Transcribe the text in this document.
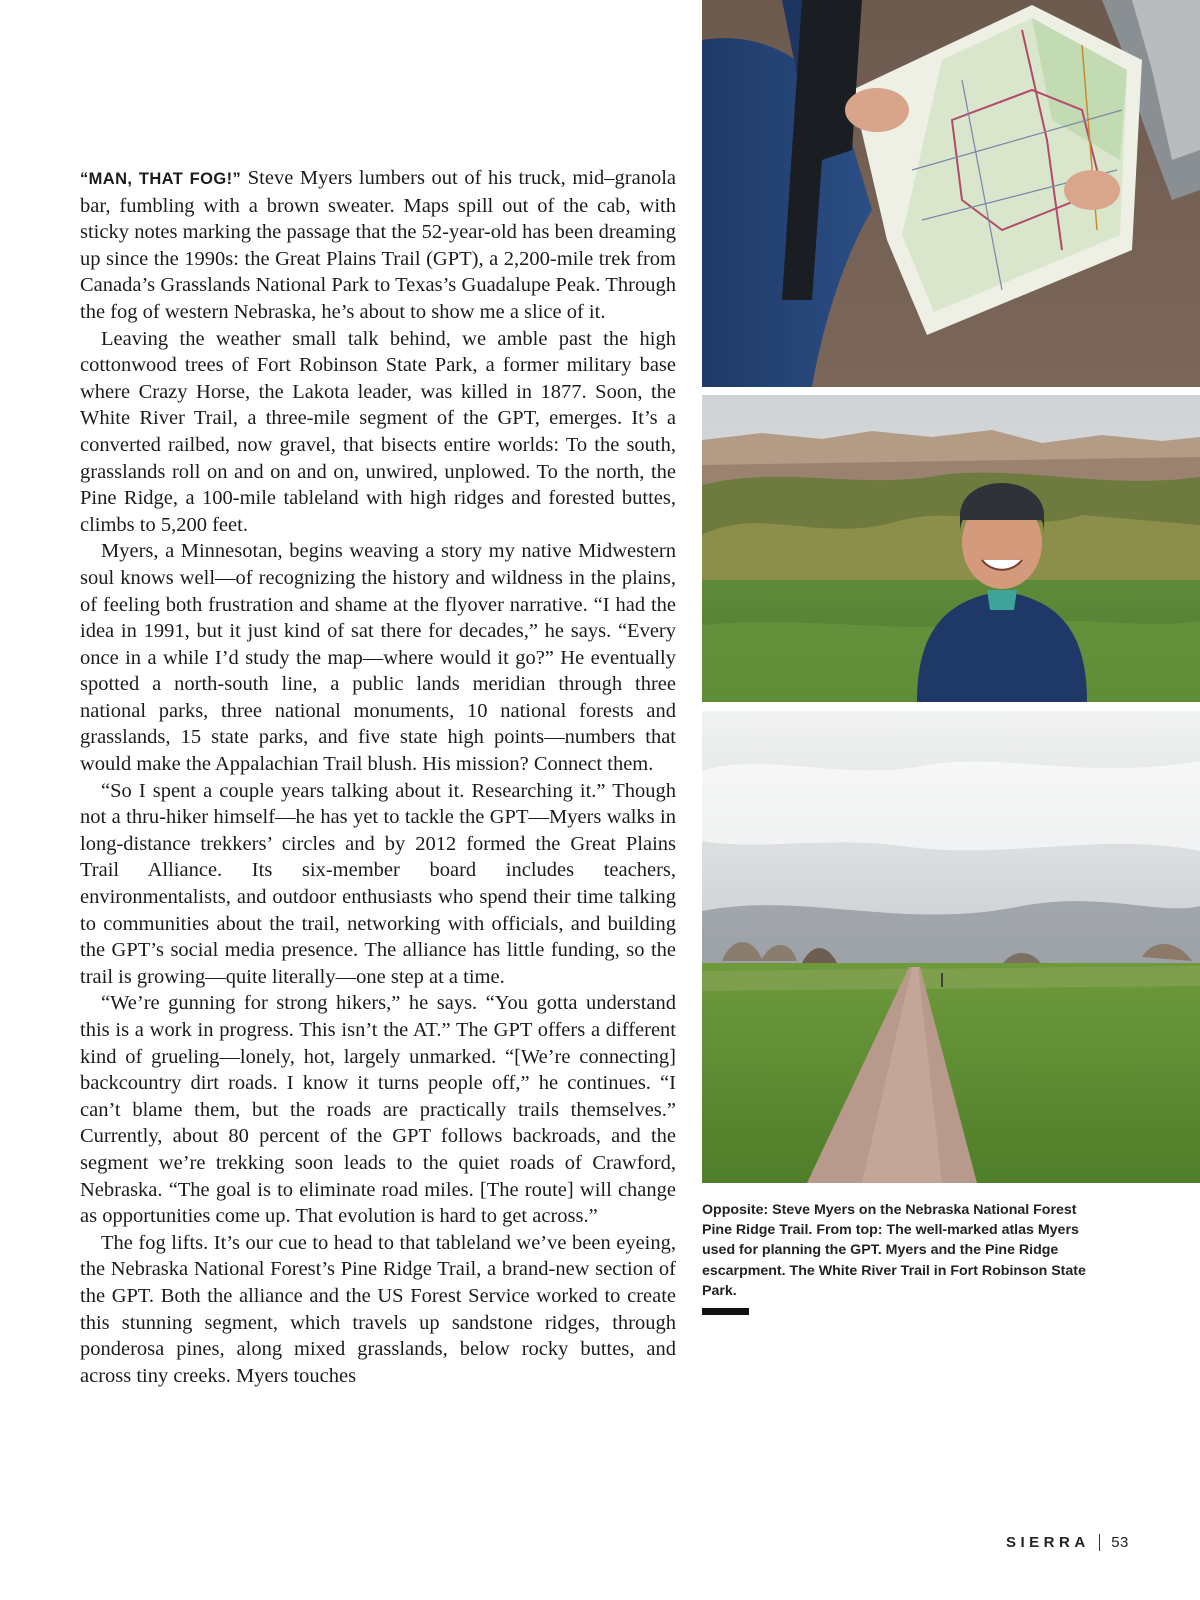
“MAN, THAT FOG!” Steve Myers lumbers out of his truck, mid–granola bar, fumbling with a brown sweater. Maps spill out of the cab, with sticky notes marking the passage that the 52-year-old has been dreaming up since the 1990s: the Great Plains Trail (GPT), a 2,200-mile trek from Canada’s Grasslands National Park to Texas’s Guadalupe Peak. Through the fog of western Nebraska, he’s about to show me a slice of it.

Leaving the weather small talk behind, we amble past the high cottonwood trees of Fort Robinson State Park, a former military base where Crazy Horse, the Lakota leader, was killed in 1877. Soon, the White River Trail, a three-mile segment of the GPT, emerges. It’s a converted railbed, now gravel, that bisects entire worlds: To the south, grasslands roll on and on and on, unwired, unplowed. To the north, the Pine Ridge, a 100-mile tableland with high ridges and forested buttes, climbs to 5,200 feet.

Myers, a Minnesotan, begins weaving a story my native Midwestern soul knows well—of recognizing the history and wildness in the plains, of feeling both frustration and shame at the flyover narrative. “I had the idea in 1991, but it just kind of sat there for decades,” he says. “Every once in a while I’d study the map—where would it go?” He eventually spotted a north-south line, a public lands meridian through three national parks, three national monuments, 10 national forests and grasslands, 15 state parks, and five state high points—numbers that would make the Appalachian Trail blush. His mission? Connect them.

“So I spent a couple years talking about it. Researching it.” Though not a thru-hiker himself—he has yet to tackle the GPT—Myers walks in long-distance trekkers’ circles and by 2012 formed the Great Plains Trail Alliance. Its six-member board includes teachers, environmentalists, and outdoor enthusiasts who spend their time talking to communities about the trail, networking with officials, and building the GPT’s social media presence. The alliance has little funding, so the trail is growing—quite literally—one step at a time.

“We’re gunning for strong hikers,” he says. “You gotta understand this is a work in progress. This isn’t the AT.” The GPT offers a different kind of grueling—lonely, hot, largely unmarked. “[We’re connecting] backcountry dirt roads. I know it turns people off,” he continues. “I can’t blame them, but the roads are practically trails themselves.” Currently, about 80 percent of the GPT follows backroads, and the segment we’re trekking soon leads to the quiet roads of Crawford, Nebraska. “The goal is to eliminate road miles. [The route] will change as opportunities come up. That evolution is hard to get across.”

The fog lifts. It’s our cue to head to that tableland we’ve been eyeing, the Nebraska National Forest’s Pine Ridge Trail, a brand-new section of the GPT. Both the alliance and the US Forest Service worked to create this stunning segment, which travels up sandstone ridges, through ponderosa pines, along mixed grasslands, below rocky buttes, and across tiny creeks. Myers touches

Opposite: Steve Myers on the Nebraska National Forest Pine Ridge Trail. From top: The well-marked atlas Myers used for planning the GPT. Myers and the Pine Ridge escarpment. The White River Trail in Fort Robinson State Park.
SIERRA 53
